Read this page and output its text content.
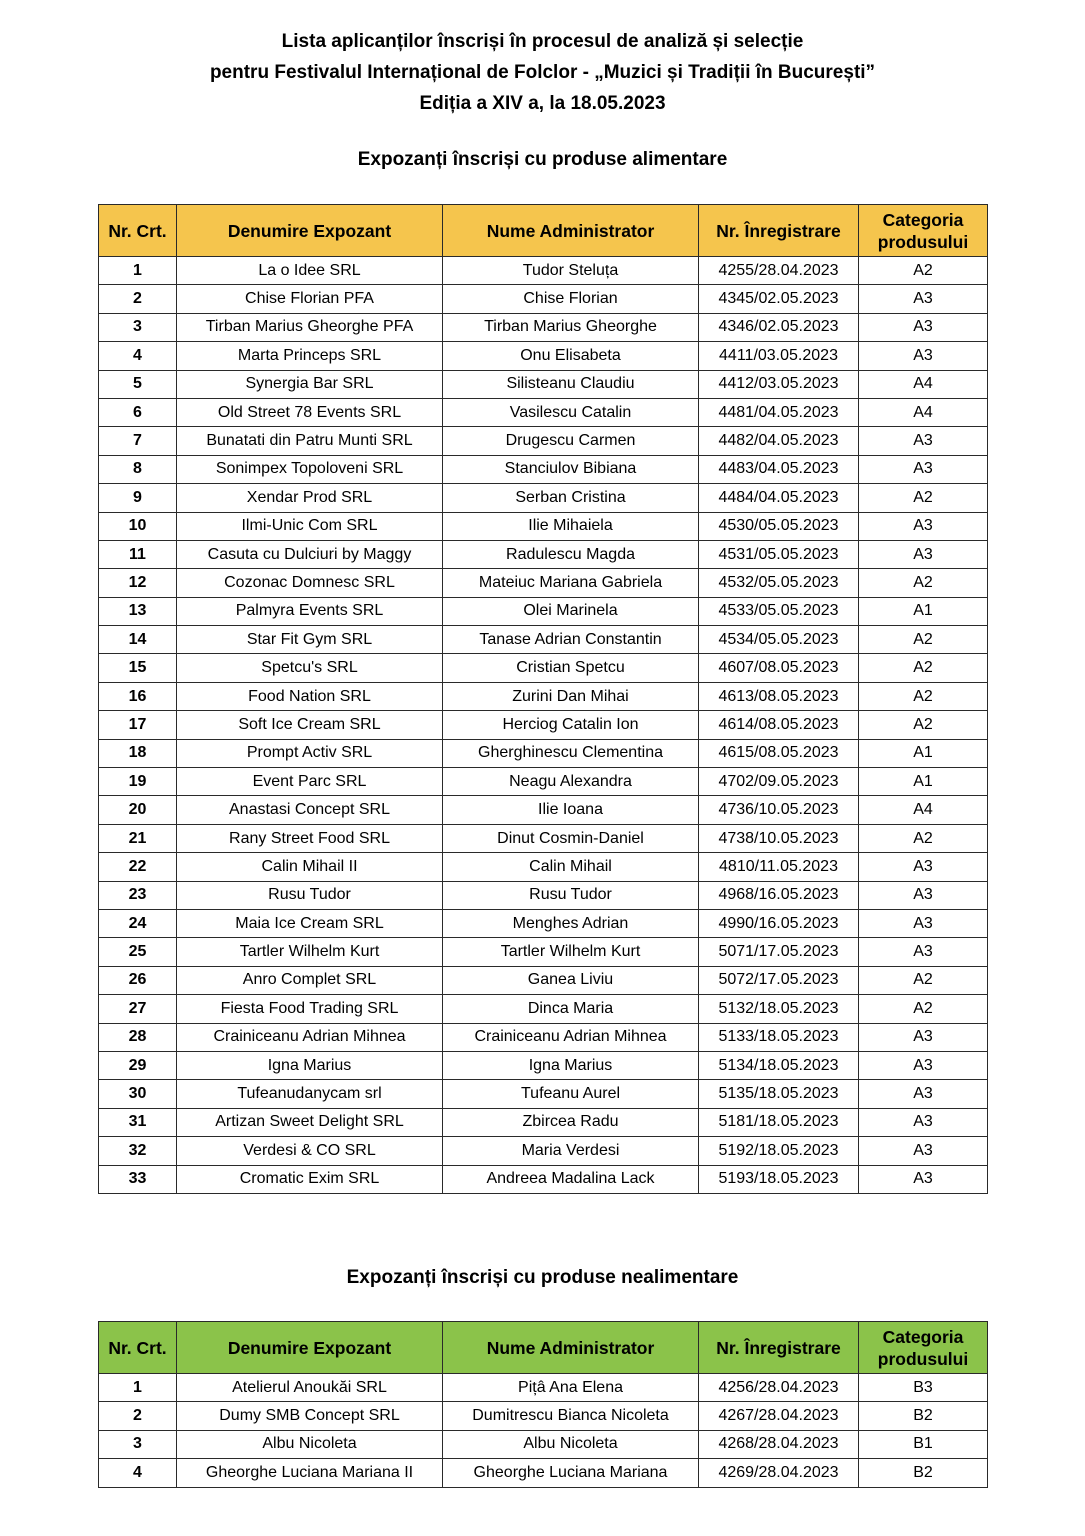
Lista aplicanților înscriși în procesul de analiză și selecție
pentru Festivalul Internațional de Folclor - „Muzici și Tradiții în București”
Ediția a XIV a, la 18.05.2023
Expozanți înscriși cu produse alimentare
Nr. Crt.	Denumire Expozant	Nume Administrator	Nr. Înregistrare	Categoria
produsului

1	La o Idee SRL	Tudor Steluța	4255/28.04.2023	A2
2	Chise Florian PFA	Chise Florian	4345/02.05.2023	A3
3	Tirban Marius Gheorghe PFA	Tirban Marius Gheorghe	4346/02.05.2023	A3
4	Marta Princeps SRL	Onu Elisabeta	4411/03.05.2023	A3
5	Synergia Bar SRL	Silisteanu Claudiu	4412/03.05.2023	A4
6	Old Street 78 Events SRL	Vasilescu Catalin	4481/04.05.2023	A4
7	Bunatati din Patru Munti SRL	Drugescu Carmen	4482/04.05.2023	A3
8	Sonimpex Topoloveni SRL	Stanciulov Bibiana	4483/04.05.2023	A3
9	Xendar Prod SRL	Serban Cristina	4484/04.05.2023	A2
10	Ilmi-Unic Com SRL	Ilie Mihaiela	4530/05.05.2023	A3
11	Casuta cu Dulciuri by Maggy	Radulescu Magda	4531/05.05.2023	A3
12	Cozonac Domnesc SRL	Mateiuc Mariana Gabriela	4532/05.05.2023	A2
13	Palmyra Events SRL	Olei Marinela	4533/05.05.2023	A1
14	Star Fit Gym SRL	Tanase Adrian Constantin	4534/05.05.2023	A2
15	Spetcu's SRL	Cristian Spetcu	4607/08.05.2023	A2
16	Food Nation SRL	Zurini Dan Mihai	4613/08.05.2023	A2
17	Soft Ice Cream SRL	Herciog Catalin Ion	4614/08.05.2023	A2
18	Prompt Activ SRL	Gherghinescu Clementina	4615/08.05.2023	A1
19	Event Parc SRL	Neagu Alexandra	4702/09.05.2023	A1
20	Anastasi Concept SRL	Ilie Ioana	4736/10.05.2023	A4
21	Rany Street Food SRL	Dinut Cosmin-Daniel	4738/10.05.2023	A2
22	Calin Mihail II	Calin Mihail	4810/11.05.2023	A3
23	Rusu Tudor	Rusu Tudor	4968/16.05.2023	A3
24	Maia Ice Cream SRL	Menghes Adrian	4990/16.05.2023	A3
25	Tartler Wilhelm Kurt	Tartler Wilhelm Kurt	5071/17.05.2023	A3
26	Anro Complet SRL	Ganea Liviu	5072/17.05.2023	A2
27	Fiesta Food Trading SRL	Dinca Maria	5132/18.05.2023	A2
28	Crainiceanu Adrian Mihnea	Crainiceanu Adrian Mihnea	5133/18.05.2023	A3
29	Igna Marius	Igna Marius	5134/18.05.2023	A3
30	Tufeanudanycam srl	Tufeanu Aurel	5135/18.05.2023	A3
31	Artizan Sweet Delight SRL	Zbircea Radu	5181/18.05.2023	A3
32	Verdesi & CO SRL	Maria Verdesi	5192/18.05.2023	A3
33	Cromatic Exim SRL	Andreea Madalina Lack	5193/18.05.2023	A3
Expozanți înscriși cu produse nealimentare
Nr. Crt.	Denumire Expozant	Nume Administrator	Nr. Înregistrare	Categoria
produsului

1	Atelierul Anoukăi SRL	Pițâ Ana Elena	4256/28.04.2023	B3
2	Dumy SMB Concept SRL	Dumitrescu Bianca Nicoleta	4267/28.04.2023	B2
3	Albu Nicoleta	Albu Nicoleta	4268/28.04.2023	B1
4	Gheorghe Luciana Mariana II	Gheorghe Luciana Mariana	4269/28.04.2023	B2
